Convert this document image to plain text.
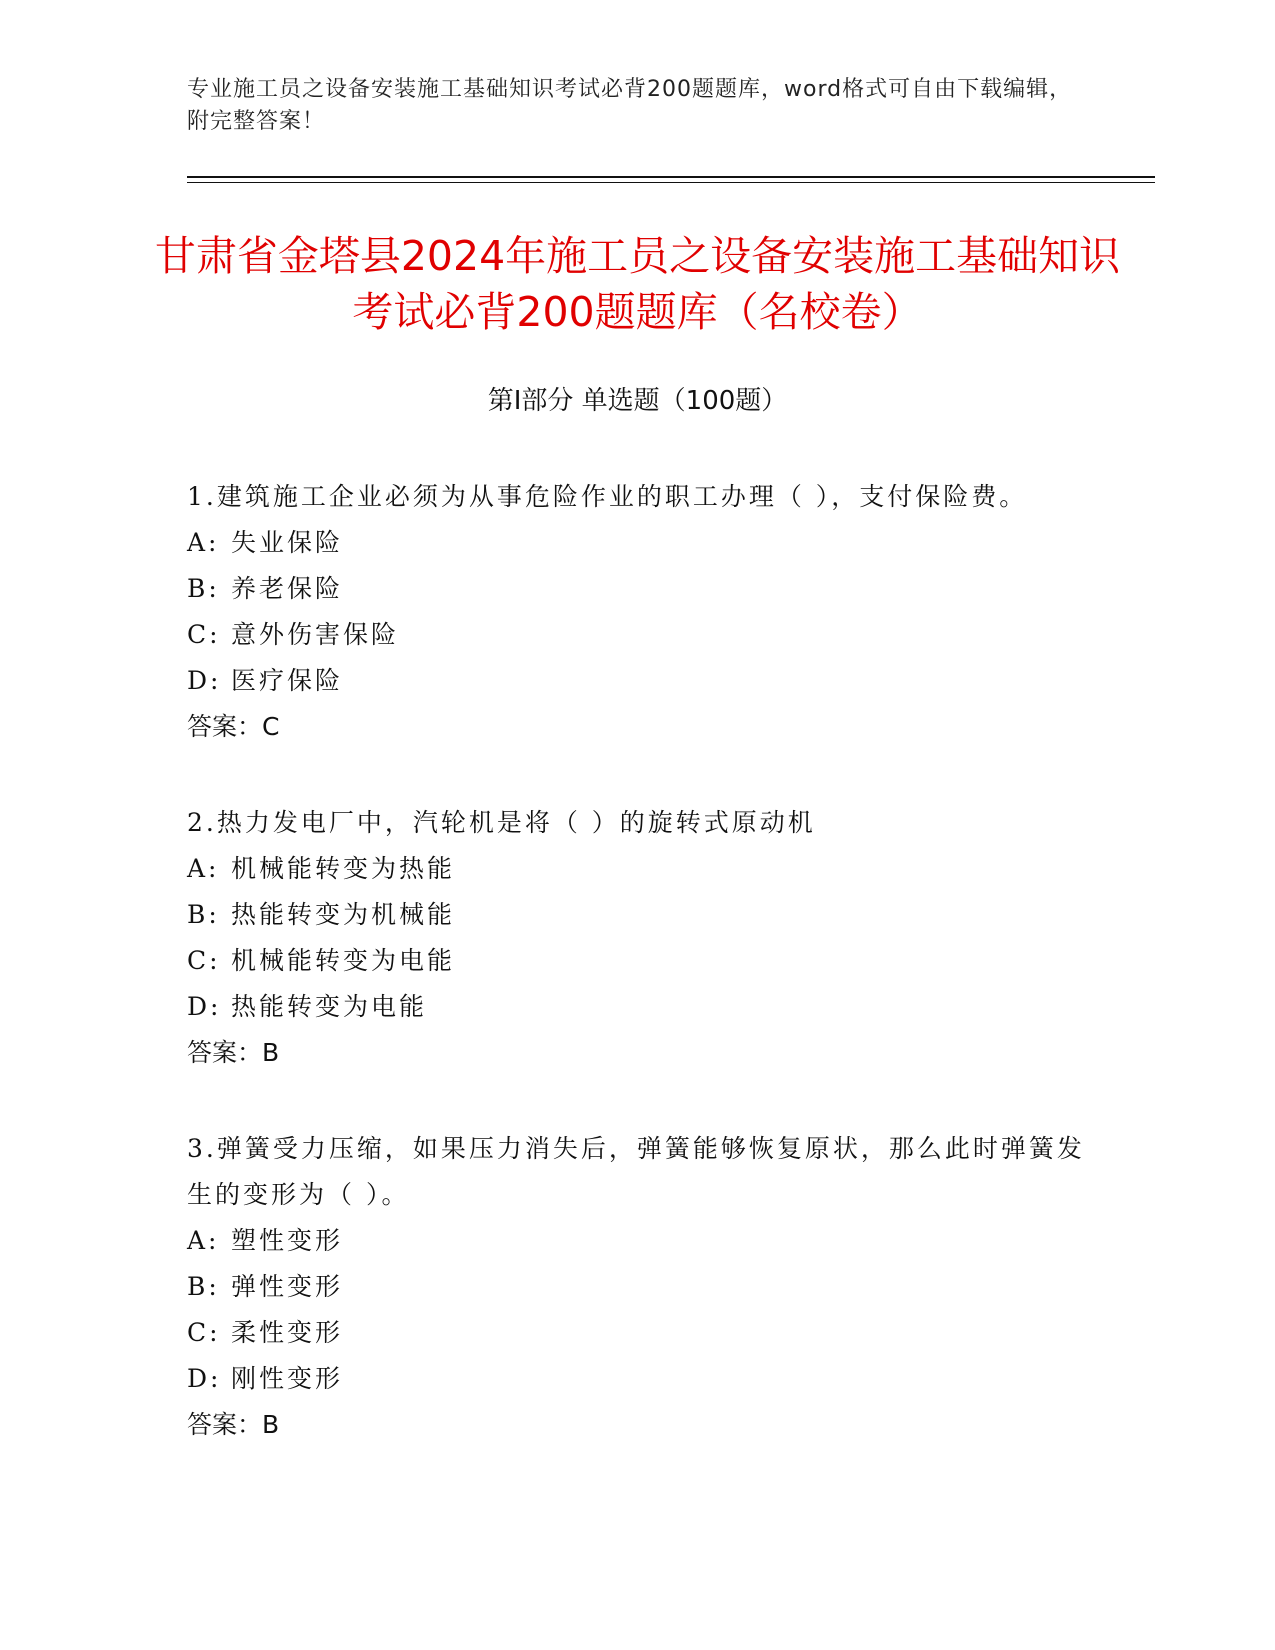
专业施工员之设备安装施工基础知识考试必背200题题库，word格式可自由下载编辑，附完整答案！
甘肃省金塔县2024年施工员之设备安装施工基础知识考试必背200题题库（名校卷）
第I部分 单选题（100题）
1.建筑施工企业必须为从事危险作业的职工办理（ ），支付保险费。
A: 失业保险
B: 养老保险
C: 意外伤害保险
D: 医疗保险
答案：C
2.热力发电厂中，汽轮机是将（ ）的旋转式原动机
A: 机械能转变为热能
B: 热能转变为机械能
C: 机械能转变为电能
D: 热能转变为电能
答案：B
3.弹簧受力压缩，如果压力消失后，弹簧能够恢复原状，那么此时弹簧发生的变形为（ ）。
A: 塑性变形
B: 弹性变形
C: 柔性变形
D: 刚性变形
答案：B
